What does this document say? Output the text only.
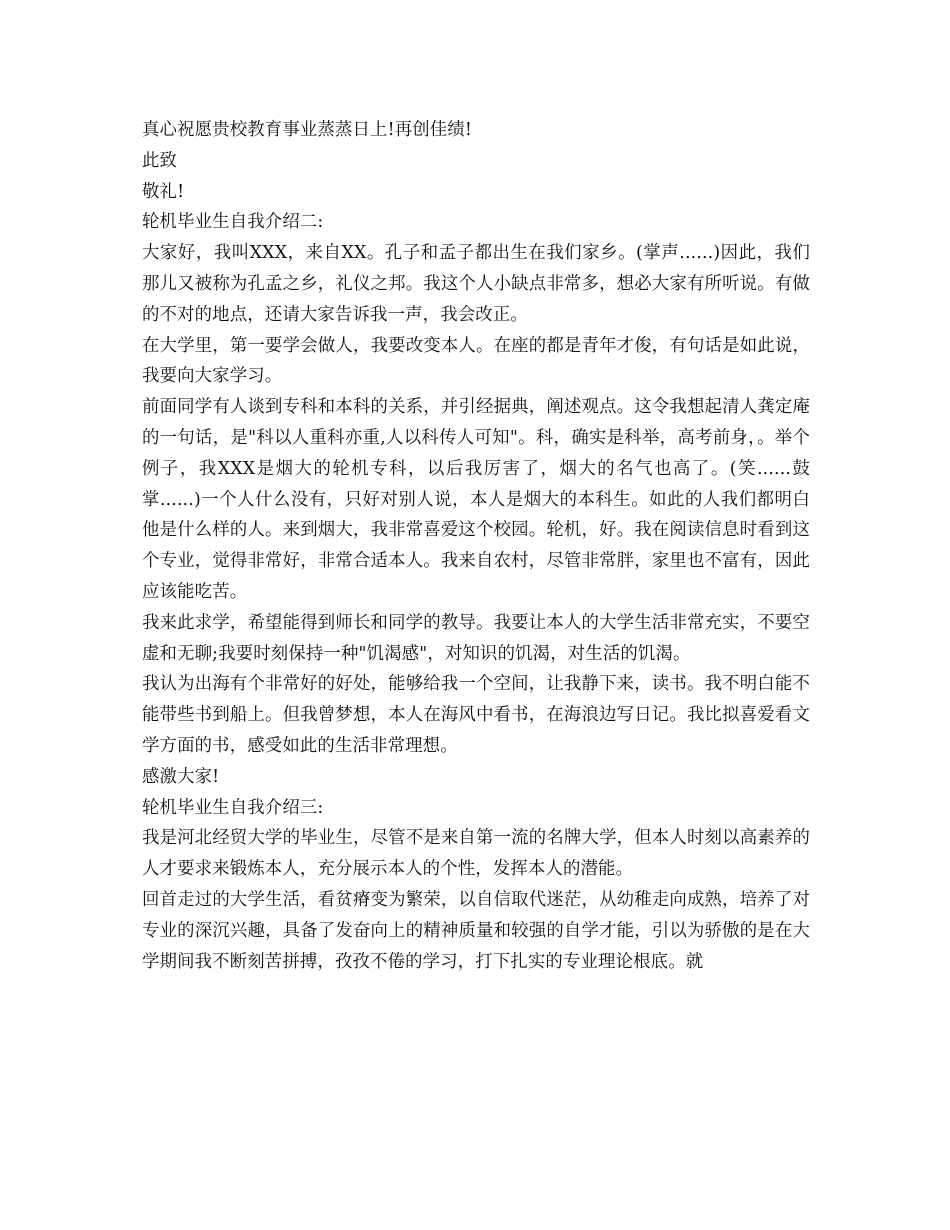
真心祝愿贵校教育事业蒸蒸日上!再创佳绩!

此致

敬礼!

轮机毕业生自我介绍二:

大家好，我叫XXX，来自XX。孔子和孟子都出生在我们家乡。(掌声......)因此，我们那儿又被称为孔孟之乡，礼仪之邦。我这个人小缺点非常多，想必大家有所听说。有做的不对的地点，还请大家告诉我一声，我会改正。

在大学里，第一要学会做人，我要改变本人。在座的都是青年才俊，有句话是如此说，我要向大家学习。

前面同学有人谈到专科和本科的关系，并引经据典，阐述观点。这令我想起清人龚定庵的一句话，是"科以人重科亦重,人以科传人可知"。科，确实是科举，高考前身，。举个例子，我XXX是烟大的轮机专科，以后我厉害了，烟大的名气也高了。(笑......鼓掌......)一个人什么没有，只好对别人说，本人是烟大的本科生。如此的人我们都明白他是什么样的人。来到烟大，我非常喜爱这个校园。轮机，好。我在阅读信息时看到这个专业，觉得非常好，非常合适本人。我来自农村，尽管非常胖，家里也不富有，因此应该能吃苦。

我来此求学，希望能得到师长和同学的教导。我要让本人的大学生活非常充实，不要空虚和无聊;我要时刻保持一种"饥渴感"，对知识的饥渴，对生活的饥渴。

我认为出海有个非常好的好处，能够给我一个空间，让我静下来，读书。我不明白能不能带些书到船上。但我曾梦想，本人在海风中看书，在海浪边写日记。我比拟喜爱看文学方面的书，感受如此的生活非常理想。

感激大家!

轮机毕业生自我介绍三:

我是河北经贸大学的毕业生，尽管不是来自第一流的名牌大学，但本人时刻以高素养的人才要求来锻炼本人，充分展示本人的个性，发挥本人的潜能。

回首走过的大学生活，看贫瘠变为繁荣，以自信取代迷茫，从幼稚走向成熟，培养了对专业的深沉兴趣，具备了发奋向上的精神质量和较强的自学才能，引以为骄傲的是在大学期间我不断刻苦拼搏，孜孜不倦的学习，打下扎实的专业理论根底。就
